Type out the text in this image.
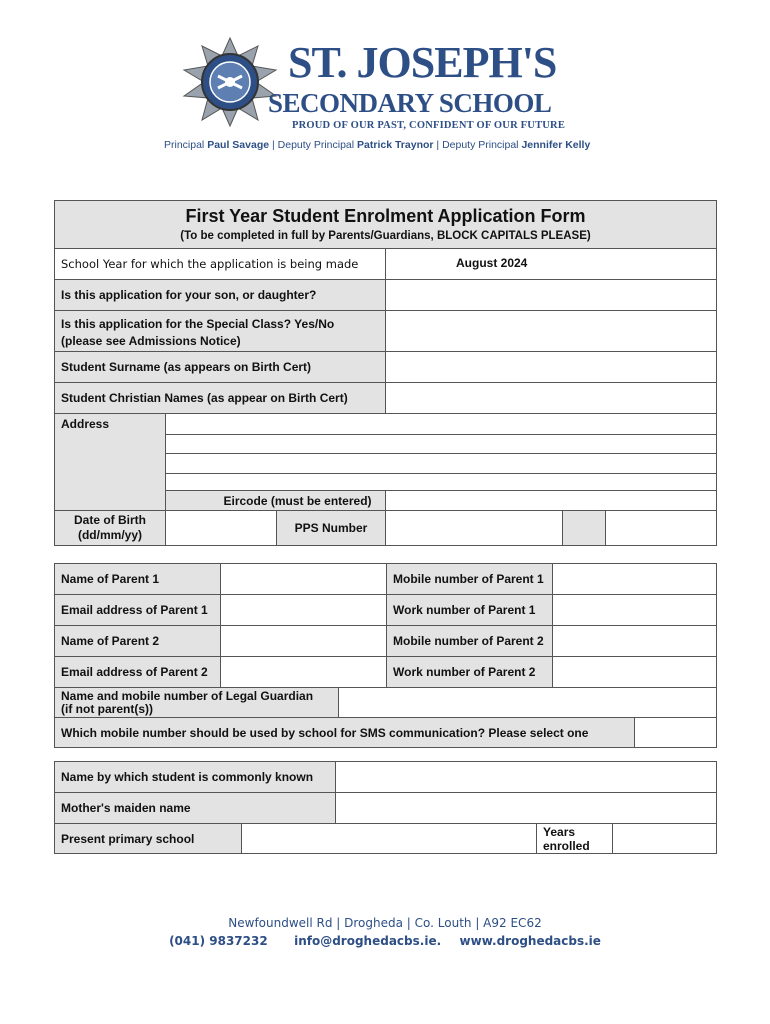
ST. JOSEPH'S
SECONDARY SCHOOL
PROUD OF OUR PAST, CONFIDENT OF OUR FUTURE
Principal Paul Savage | Deputy Principal Patrick Traynor | Deputy Principal Jennifer Kelly
First Year Student Enrolment Application Form
(To be completed in full by Parents/Guardians, BLOCK CAPITALS PLEASE)
School Year for which the application is being made	August 2024
Is this application for your son, or daughter?
Is this application for the Special Class? Yes/No
(please see Admissions Notice)
Student Surname (as appears on Birth Cert)
Student Christian Names (as appear on Birth Cert)
Address
Eircode (must be entered)
Date of Birth
(dd/mm/yy)	PPS Number
Name of Parent 1	Mobile number of Parent 1
Email address of Parent 1	Work number of Parent 1
Name of Parent 2	Mobile number of Parent 2
Email address of Parent 2	Work number of Parent 2
Name and mobile number of Legal Guardian
(if not parent(s))
Which mobile number should be used by school for SMS communication? Please select one
Name by which student is commonly known
Mother's maiden name
Present primary school	Years
enrolled
Newfoundwell Rd | Drogheda | Co. Louth | A92 EC62
(041) 9837232 info@droghedacbs.ie. www.droghedacbs.ie
